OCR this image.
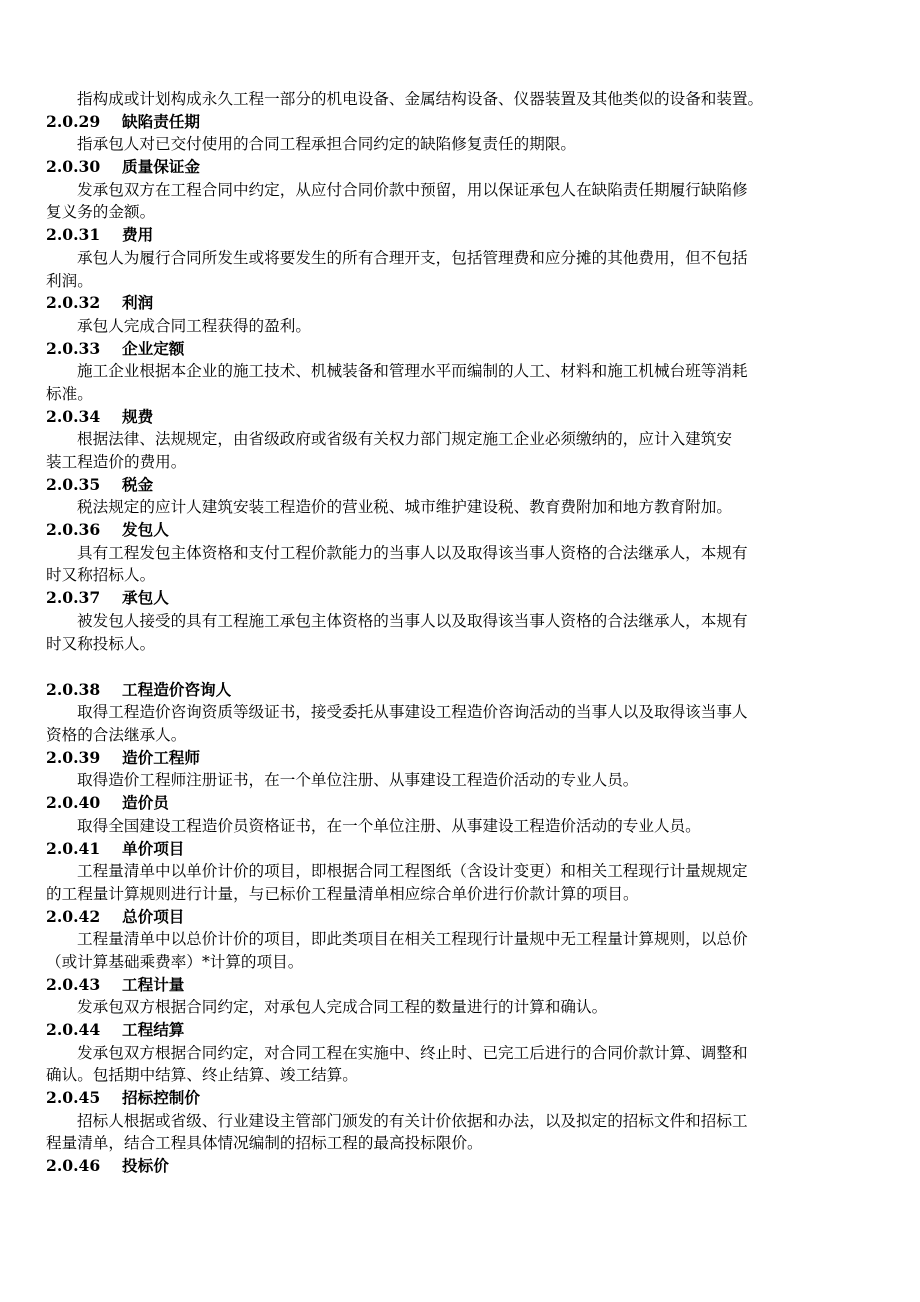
指构成或计划构成永久工程一部分的机电设备、金属结构设备、仪器装置及其他类似的设备和装置。
2.0.29 缺陷责任期
指承包人对已交付使用的合同工程承担合同约定的缺陷修复责任的期限。
2.0.30 质量保证金
发承包双方在工程合同中约定，从应付合同价款中预留，用以保证承包人在缺陷责任期履行缺陷修
复义务的金额。
2.0.31 费用
承包人为履行合同所发生或将要发生的所有合理开支，包括管理费和应分摊的其他费用，但不包括
利润。
2.0.32 利润
承包人完成合同工程获得的盈利。
2.0.33 企业定额
施工企业根据本企业的施工技术、机械装备和管理水平而编制的人工、材料和施工机械台班等消耗
标准。
2.0.34 规费
根据法律、法规规定，由省级政府或省级有关权力部门规定施工企业必须缴纳的，应计入建筑安
装工程造价的费用。
2.0.35 税金
税法规定的应计人建筑安装工程造价的营业税、城市维护建设税、教育费附加和地方教育附加。
2.0.36 发包人
具有工程发包主体资格和支付工程价款能力的当事人以及取得该当事人资格的合法继承人，本规有
时又称招标人。
2.0.37 承包人
被发包人接受的具有工程施工承包主体资格的当事人以及取得该当事人资格的合法继承人，本规有
时又称投标人。
2.0.38 工程造价咨询人
取得工程造价咨询资质等级证书，接受委托从事建设工程造价咨询活动的当事人以及取得该当事人
资格的合法继承人。
2.0.39 造价工程师
取得造价工程师注册证书，在一个单位注册、从事建设工程造价活动的专业人员。
2.0.40 造价员
取得全国建设工程造价员资格证书，在一个单位注册、从事建设工程造价活动的专业人员。
2.0.41 单价项目
工程量清单中以单价计价的项目，即根据合同工程图纸（含设计变更）和相关工程现行计量规规定
的工程量计算规则进行计量，与已标价工程量清单相应综合单价进行价款计算的项目。
2.0.42 总价项目
工程量清单中以总价计价的项目，即此类项目在相关工程现行计量规中无工程量计算规则，以总价
（或计算基础乘费率）*计算的项目。
2.0.43 工程计量
发承包双方根据合同约定，对承包人完成合同工程的数量进行的计算和确认。
2.0.44 工程结算
发承包双方根据合同约定，对合同工程在实施中、终止时、已完工后进行的合同价款计算、调整和
确认。包括期中结算、终止结算、竣工结算。
2.0.45 招标控制价
招标人根据或省级、行业建设主管部门颁发的有关计价依据和办法，以及拟定的招标文件和招标工
程量清单，结合工程具体情况编制的招标工程的最高投标限价。
2.0.46 投标价
